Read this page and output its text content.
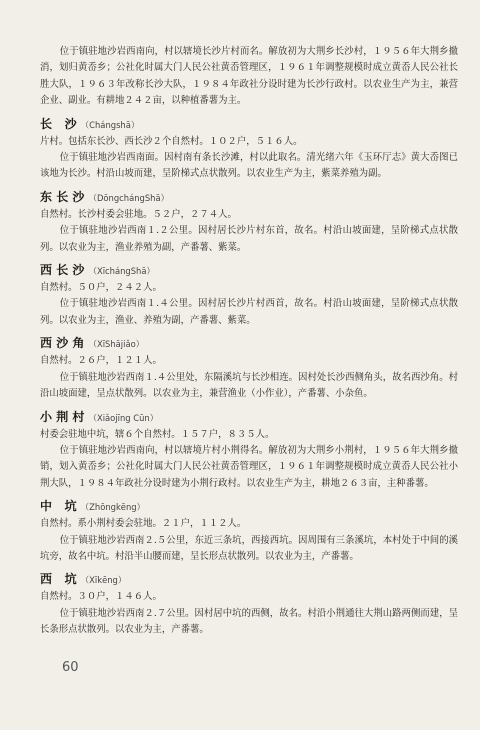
位于镇驻地沙岩西南向，村以辖境长沙片村而名。解放初为大荆乡长沙村，１９５６年大荆乡撤消，划归黄岙乡；公社化时属大门人民公社黄岙管理区，１９６１年调整规模时成立黄岙人民公社长胜大队，１９６３年改称长沙大队，１９８４年政社分设时建为长沙行政村。以农业生产为主，兼营企业、副业。有耕地２４２亩，以种植番薯为主。

长 沙（Chángshā）

片村。包括东长沙、西长沙２个自然村。１０２户，５１６人。

位于镇驻地沙岩西南面。因村南有条长沙滩，村以此取名。清光绪六年《玉环厅志》黄大岙图已该地为长沙。村沿山坡而建，呈阶梯式点状散列。以农业生产为主，紫菜养殖为副。

东长沙（DōngchángShā）

自然村。长沙村委会驻地。５２户，２７４人。

位于镇驻地沙岩西南１.２公里。因村居长沙片村东首，故名。村沿山坡面建，呈阶梯式点状散列。以农业为主，渔业养殖为副，产番薯、紫菜。

西长沙（XīchángShā）

自然村。５０户，２４２人。

位于镇驻地沙岩西南１.４公里。因村居长沙片村西首，故名。村沿山坡面建，呈阶梯式点状散列。以农业为主，渔业、养殖为副，产番薯、紫菜。

西沙角（XīShājiǎo）

自然村。２６户，１２１人。

位于镇驻地沙岩西南１.４公里处，东隔溪坑与长沙相连。因村处长沙西侧角头，故名西沙角。村沿山坡面建，呈点状散列。以农业为主，兼营渔业（小作业），产番薯、小杂鱼。

小荆村（Xiǎojīng Cūn）

村委会驻地中坑，辖６个自然村。１５７户，８３５人。

位于镇驻地沙岩西南向，村以辖境片村小荆得名。解放初为大荆乡小荆村，１９５６年大荆乡撤销，划入黄岙乡；公社化时属大门人民公社黄岙管理区，１９６１年调整规模时成立黄岙人民公社小荆大队，１９８４年政社分设时建为小荆行政村。以农业生产为主，耕地２６３亩，主种番薯。

中 坑（Zhōngkēng）

自然村。系小荆村委会驻地。２１户，１１２人。

位于镇驻地沙岩西南２.５公里，东近三条坑，西接西坑。因周围有三条溪坑，本村处于中间的溪坑旁，故名中坑。村沿半山腰而建，呈长形点状散列。以农业为主，产番薯。

西 坑（Xīkēng）

自然村。３０户，１４６人。

位于镇驻地沙岩西南２.７公里。因村居中坑的西侧，故名。村沿小荆通往大荆山路两侧而建，呈长条形点状散列。以农业为主，产番薯。

60
